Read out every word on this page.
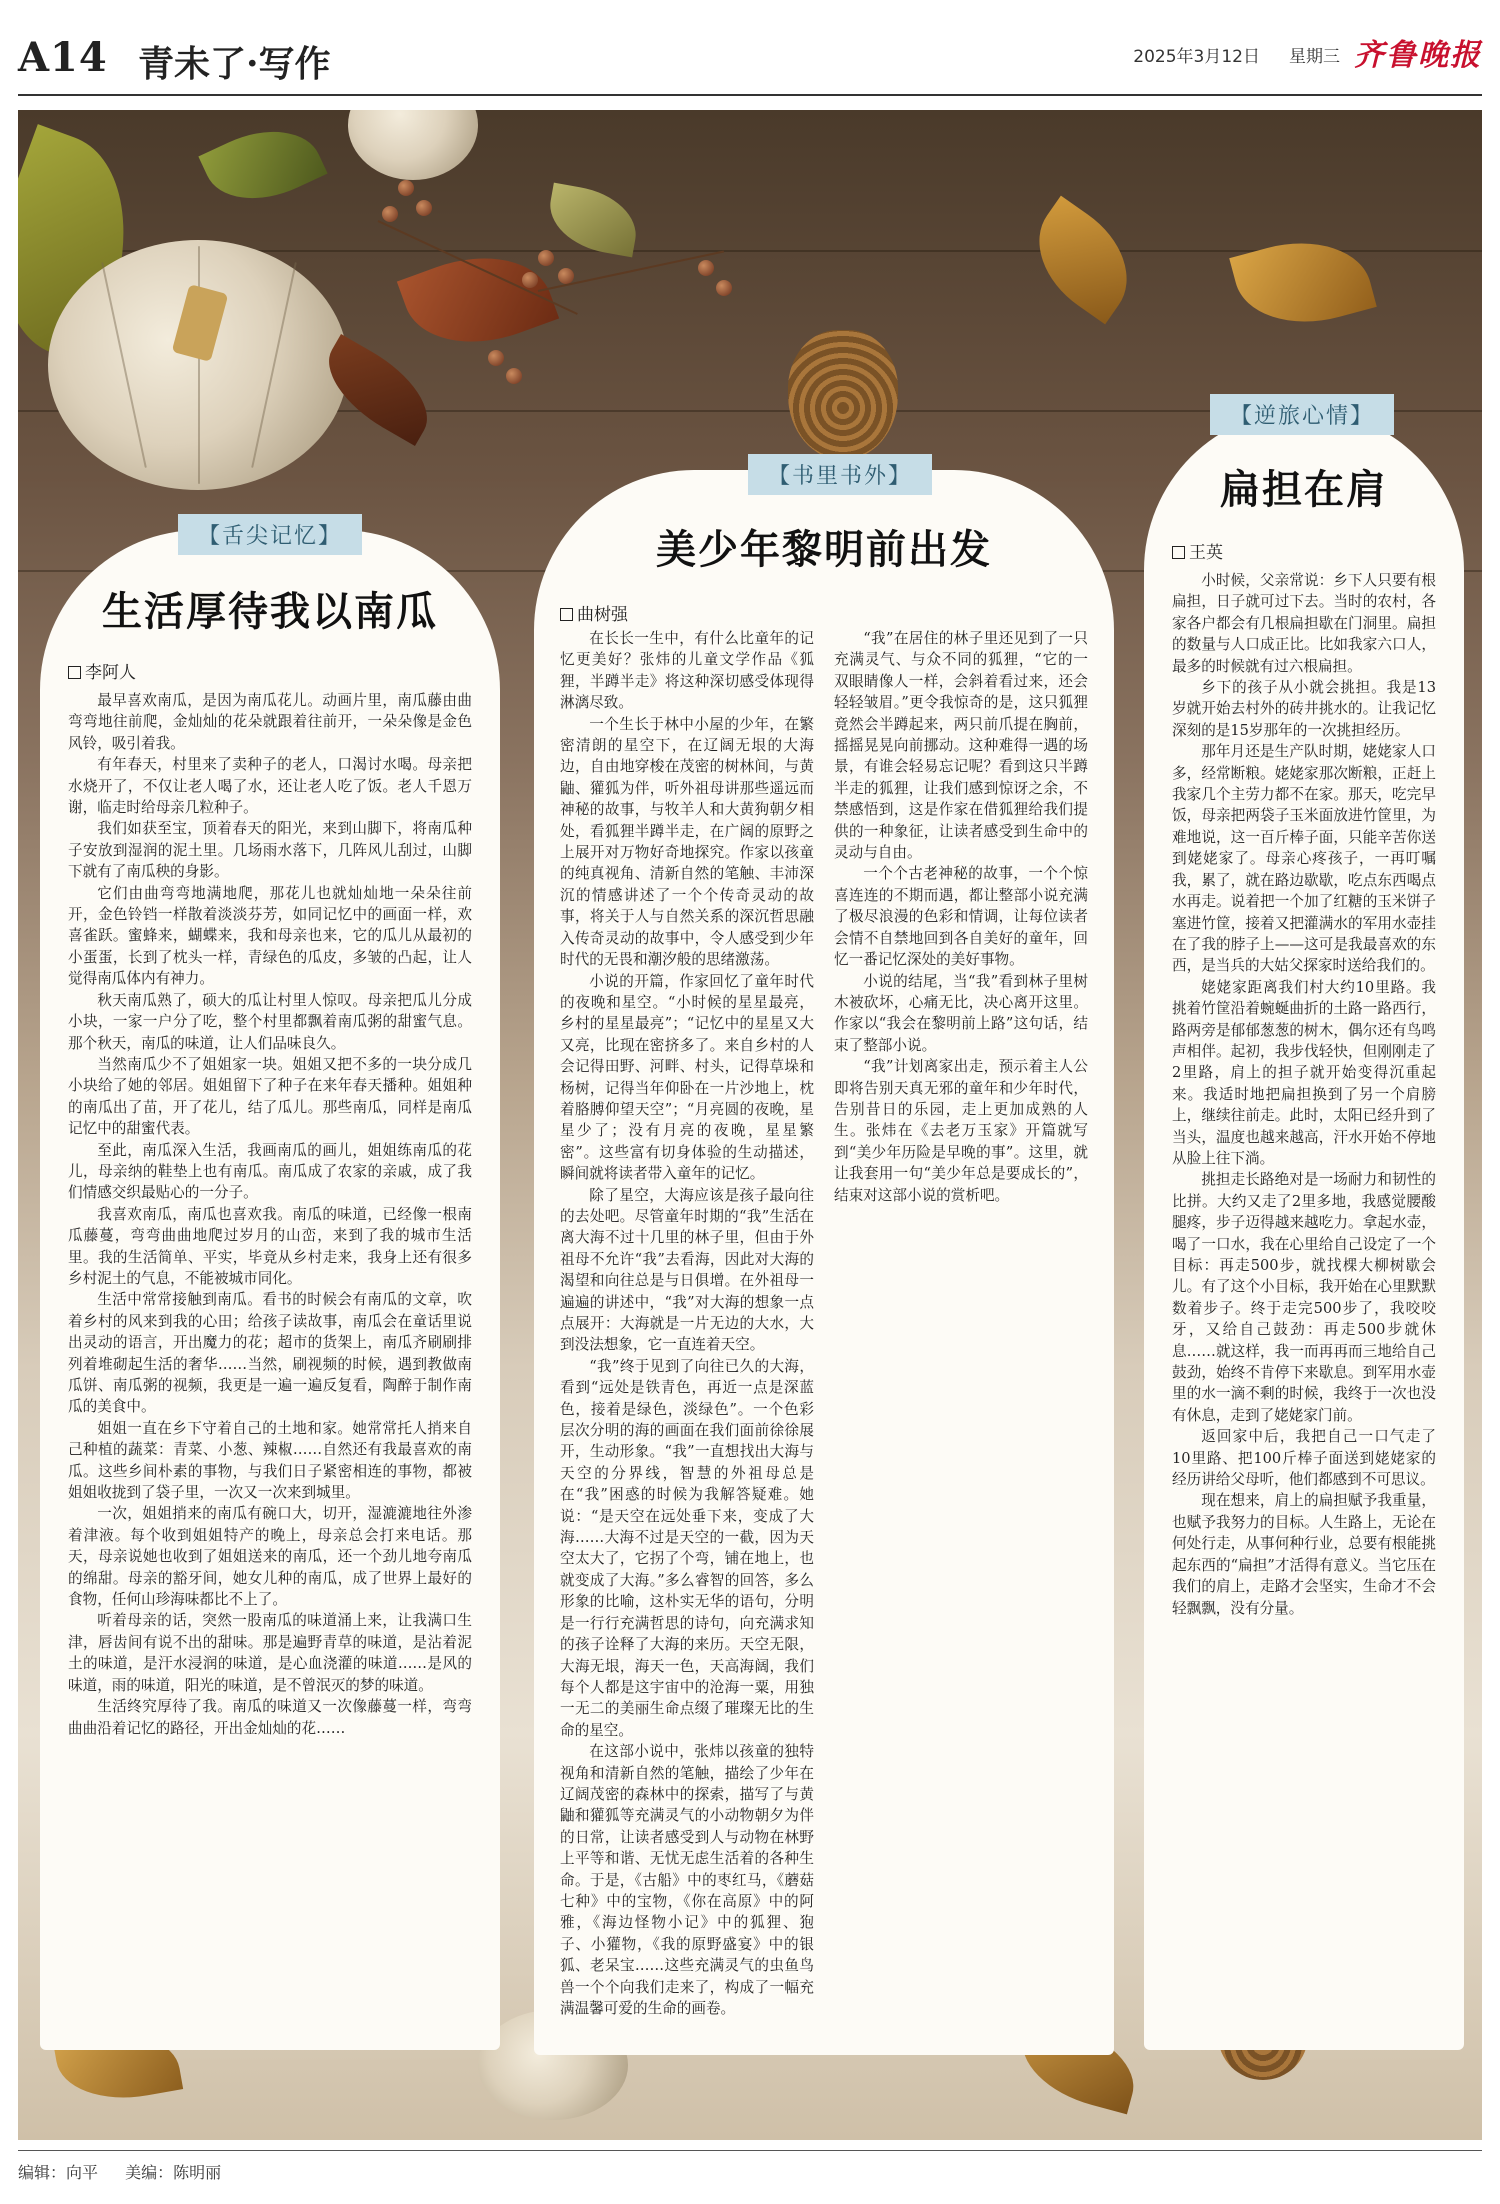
A14 青未了·写作	2025年3月12日 星期三 齐鲁晚报
【舌尖记忆】
生活厚待我以南瓜
李阿人

最早喜欢南瓜，是因为南瓜花儿。动画片里，南瓜藤由曲弯弯地往前爬，金灿灿的花朵就跟着往前开，一朵朵像是金色风铃，吸引着我。

有年春天，村里来了卖种子的老人，口渴讨水喝。母亲把水烧开了，不仅让老人喝了水，还让老人吃了饭。老人千恩万谢，临走时给母亲几粒种子。

我们如获至宝，顶着春天的阳光，来到山脚下，将南瓜种子安放到湿润的泥土里。几场雨水落下，几阵风儿刮过，山脚下就有了南瓜秧的身影。

它们由曲弯弯地满地爬，那花儿也就灿灿地一朵朵往前开，金色铃铛一样散着淡淡芬芳，如同记忆中的画面一样，欢喜雀跃。蜜蜂来，蝴蝶来，我和母亲也来，它的瓜儿从最初的小蛋蛋，长到了枕头一样，青绿色的瓜皮，多皱的凸起，让人觉得南瓜体内有神力。

秋天南瓜熟了，硕大的瓜让村里人惊叹。母亲把瓜儿分成小块，一家一户分了吃，整个村里都飘着南瓜粥的甜蜜气息。那个秋天，南瓜的味道，让人们品味良久。

当然南瓜少不了姐姐家一块。姐姐又把不多的一块分成几小块给了她的邻居。姐姐留下了种子在来年春天播种。姐姐种的南瓜出了苗，开了花儿，结了瓜儿。那些南瓜，同样是南瓜记忆中的甜蜜代表。

至此，南瓜深入生活，我画南瓜的画儿，姐姐练南瓜的花儿，母亲纳的鞋垫上也有南瓜。南瓜成了农家的亲戚，成了我们情感交织最贴心的一分子。

我喜欢南瓜，南瓜也喜欢我。南瓜的味道，已经像一根南瓜藤蔓，弯弯曲曲地爬过岁月的山峦，来到了我的城市生活里。我的生活简单、平实，毕竟从乡村走来，我身上还有很多乡村泥土的气息，不能被城市同化。

生活中常常接触到南瓜。看书的时候会有南瓜的文章，吹着乡村的风来到我的心田；给孩子读故事，南瓜会在童话里说出灵动的语言，开出魔力的花；超市的货架上，南瓜齐刷刷排列着堆砌起生活的奢华……当然，刷视频的时候，遇到教做南瓜饼、南瓜粥的视频，我更是一遍一遍反复看，陶醉于制作南瓜的美食中。

姐姐一直在乡下守着自己的土地和家。她常常托人捎来自己种植的蔬菜：青菜、小葱、辣椒……自然还有我最喜欢的南瓜。这些乡间朴素的事物，与我们日子紧密相连的事物，都被姐姐收拢到了袋子里，一次又一次来到城里。

一次，姐姐捎来的南瓜有碗口大，切开，湿漉漉地往外渗着津液。每个收到姐姐特产的晚上，母亲总会打来电话。那天，母亲说她也收到了姐姐送来的南瓜，还一个劲儿地夸南瓜的绵甜。母亲的豁牙间，她女儿种的南瓜，成了世界上最好的食物，任何山珍海味都比不上了。

听着母亲的话，突然一股南瓜的味道涌上来，让我满口生津，唇齿间有说不出的甜味。那是遍野青草的味道，是沾着泥土的味道，是汗水浸润的味道，是心血浇灌的味道……是风的味道，雨的味道，阳光的味道，是不曾泯灭的梦的味道。

生活终究厚待了我。南瓜的味道又一次像藤蔓一样，弯弯曲曲沿着记忆的路径，开出金灿灿的花……

【书里书外】
美少年黎明前出发
曲树强

在长长一生中，有什么比童年的记忆更美好？张炜的儿童文学作品《狐狸，半蹲半走》将这种深切感受体现得淋漓尽致。

一个生长于林中小屋的少年，在繁密清朗的星空下，在辽阔无垠的大海边，自由地穿梭在茂密的树林间，与黄鼬、獾狐为伴，听外祖母讲那些遥远而神秘的故事，与牧羊人和大黄狗朝夕相处，看狐狸半蹲半走，在广阔的原野之上展开对万物好奇地探究。作家以孩童的纯真视角、清新自然的笔触、丰沛深沉的情感讲述了一个个传奇灵动的故事，将关于人与自然关系的深沉哲思融入传奇灵动的故事中，令人感受到少年时代的无畏和潮汐般的思绪激荡。

小说的开篇，作家回忆了童年时代的夜晚和星空。“小时候的星星最亮，乡村的星星最亮”；“记忆中的星星又大又亮，比现在密挤多了。来自乡村的人会记得田野、河畔、村头，记得草垛和杨树，记得当年仰卧在一片沙地上，枕着胳膊仰望天空”；“月亮圆的夜晚，星星少了；没有月亮的夜晚，星星繁密”。这些富有切身体验的生动描述，瞬间就将读者带入童年的记忆。

除了星空，大海应该是孩子最向往的去处吧。尽管童年时期的“我”生活在离大海不过十几里的林子里，但由于外祖母不允许“我”去看海，因此对大海的渴望和向往总是与日俱增。在外祖母一遍遍的讲述中，“我”对大海的想象一点点展开：大海就是一片无边的大水，大到没法想象，它一直连着天空。

“我”终于见到了向往已久的大海，看到“远处是铁青色，再近一点是深蓝色，接着是绿色，淡绿色”。一个色彩层次分明的海的画面在我们面前徐徐展开，生动形象。“我”一直想找出大海与天空的分界线，智慧的外祖母总是在“我”困惑的时候为我解答疑难。她说：“是天空在远处垂下来，变成了大海……大海不过是天空的一截，因为天空太大了，它拐了个弯，铺在地上，也就变成了大海。”多么睿智的回答，多么形象的比喻，这朴实无华的语句，分明是一行行充满哲思的诗句，向充满求知的孩子诠释了大海的来历。天空无限，大海无垠，海天一色，天高海阔，我们每个人都是这宇宙中的沧海一粟，用独一无二的美丽生命点缀了璀璨无比的生命的星空。

在这部小说中，张炜以孩童的独特视角和清新自然的笔触，描绘了少年在辽阔茂密的森林中的探索，描写了与黄鼬和獾狐等充满灵气的小动物朝夕为伴的日常，让读者感受到人与动物在林野上平等和谐、无忧无虑生活着的各种生命。于是，《古船》中的枣红马，《蘑菇七种》中的宝物，《你在高原》中的阿雅，《海边怪物小记》中的狐狸、狍子、小獾物，《我的原野盛宴》中的银狐、老呆宝……这些充满灵气的虫鱼鸟兽一个个向我们走来了，构成了一幅充满温馨可爱的生命的画卷。

“我”在居住的林子里还见到了一只充满灵气、与众不同的狐狸，“它的一双眼睛像人一样，会斜着看过来，还会轻轻皱眉。”更令我惊奇的是，这只狐狸竟然会半蹲起来，两只前爪提在胸前，摇摇晃晃向前挪动。这种难得一遇的场景，有谁会轻易忘记呢？看到这只半蹲半走的狐狸，让我们感到惊讶之余，不禁感悟到，这是作家在借狐狸给我们提供的一种象征，让读者感受到生命中的灵动与自由。

一个个古老神秘的故事，一个个惊喜连连的不期而遇，都让整部小说充满了极尽浪漫的色彩和情调，让每位读者会情不自禁地回到各自美好的童年，回忆一番记忆深处的美好事物。

小说的结尾，当“我”看到林子里树木被砍坏，心痛无比，决心离开这里。作家以“我会在黎明前上路”这句话，结束了整部小说。

“我”计划离家出走，预示着主人公即将告别天真无邪的童年和少年时代，告别昔日的乐园，走上更加成熟的人生。张炜在《去老万玉家》开篇就写到“美少年历险是早晚的事”。这里，就让我套用一句“美少年总是要成长的”，结束对这部小说的赏析吧。

【逆旅心情】
扁担在肩
王英

小时候，父亲常说：乡下人只要有根扁担，日子就可过下去。当时的农村，各家各户都会有几根扁担歇在门洞里。扁担的数量与人口成正比。比如我家六口人，最多的时候就有过六根扁担。

乡下的孩子从小就会挑担。我是13岁就开始去村外的砖井挑水的。让我记忆深刻的是15岁那年的一次挑担经历。

那年月还是生产队时期，姥姥家人口多，经常断粮。姥姥家那次断粮，正赶上我家几个主劳力都不在家。那天，吃完早饭，母亲把两袋子玉米面放进竹筐里，为难地说，这一百斤棒子面，只能辛苦你送到姥姥家了。母亲心疼孩子，一再叮嘱我，累了，就在路边歇歇，吃点东西喝点水再走。说着把一个加了红糖的玉米饼子塞进竹筐，接着又把灌满水的军用水壶挂在了我的脖子上——这可是我最喜欢的东西，是当兵的大姑父探家时送给我们的。

姥姥家距离我们村大约10里路。我挑着竹筐沿着蜿蜒曲折的土路一路西行，路两旁是郁郁葱葱的树木，偶尔还有鸟鸣声相伴。起初，我步伐轻快，但刚刚走了2里路，肩上的担子就开始变得沉重起来。我适时地把扁担换到了另一个肩膀上，继续往前走。此时，太阳已经升到了当头，温度也越来越高，汗水开始不停地从脸上往下淌。

挑担走长路绝对是一场耐力和韧性的比拼。大约又走了2里多地，我感觉腰酸腿疼，步子迈得越来越吃力。拿起水壶，喝了一口水，我在心里给自己设定了一个目标：再走500步，就找棵大柳树歇会儿。有了这个小目标，我开始在心里默默数着步子。终于走完500步了，我咬咬牙，又给自己鼓劲：再走500步就休息……就这样，我一而再再而三地给自己鼓劲，始终不肯停下来歇息。到军用水壶里的水一滴不剩的时候，我终于一次也没有休息，走到了姥姥家门前。

返回家中后，我把自己一口气走了10里路、把100斤棒子面送到姥姥家的经历讲给父母听，他们都感到不可思议。

现在想来，肩上的扁担赋予我重量，也赋予我努力的目标。人生路上，无论在何处行走，从事何种行业，总要有根能挑起东西的“扁担”才活得有意义。当它压在我们的肩上，走路才会坚实，生命才不会轻飘飘，没有分量。

编辑：向平 美编：陈明丽
